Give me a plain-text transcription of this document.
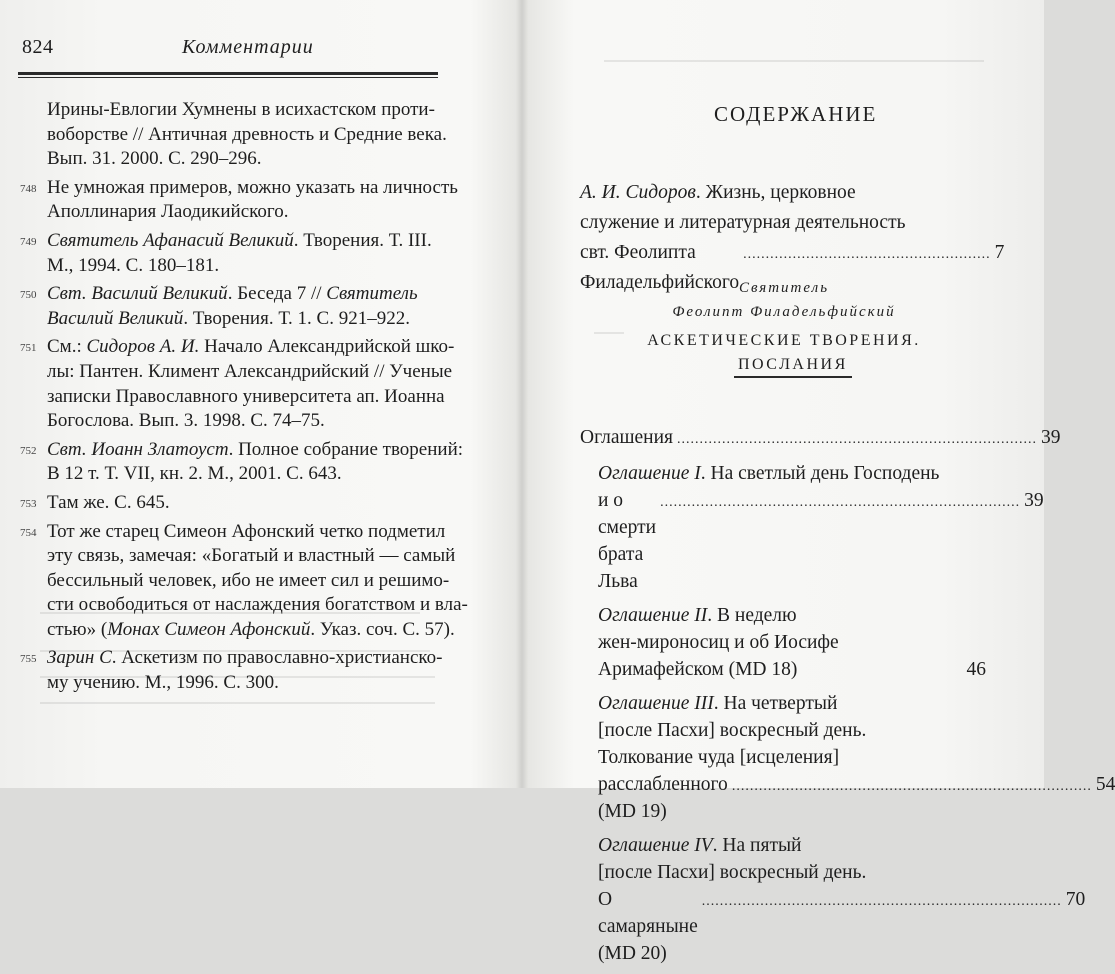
824	Комментарии
Ирины-Евлогии Хумнены в исихастском проти-
воборстве // Античная древность и Средние века.
Вып. 31. 2000. С. 290–296.
748 Не умножая примеров, можно указать на личность
Аполлинария Лаодикийского.
749 Святитель Афанасий Великий. Творения. Т. III.
М., 1994. С. 180–181.
750 Свт. Василий Великий. Беседа 7 // Святитель
Василий Великий. Творения. Т. 1. С. 921–922.
751 См.: Сидоров А. И. Начало Александрийской шко-
лы: Пантен. Климент Александрийский // Ученые
записки Православного университета ап. Иоанна
Богослова. Вып. 3. 1998. С. 74–75.
752 Свт. Иоанн Златоуст. Полное собрание творений:
В 12 т. Т. VII, кн. 2. М., 2001. С. 643.
753 Там же. С. 645.
754 Тот же старец Симеон Афонский четко подметил
эту связь, замечая: «Богатый и властный — самый
бессильный человек, ибо не имеет сил и решимо-
сти освободиться от наслаждения богатством и вла-
стью» (Монах Симеон Афонский. Указ. соч. С. 57).
755 Зарин С. Аскетизм по православно-христианско-
му учению. М., 1996. С. 300.
СОДЕРЖАНИЕ
А. И. Сидоров. Жизнь, церковное
служение и литературная деятельность
свт. Феолипта Филадельфийского
....................................................... 7
Святитель
Феолипт Филадельфийский
АСКЕТИЧЕСКИЕ ТВОРЕНИЯ.
ПОСЛАНИЯ
Оглашения ................................................................................ 39
Оглашение I. На светлый день Господень
и о смерти брата Льва
................................................................................ 39
Оглашение II. В неделю
жен-мироносиц и об Иосифе
Аримафейском (MD 18)	46
Оглашение III. На четвертый
[после Пасхи] воскресный день.
Толкование чуда [исцеления]
расслабленного (MD 19)
................................................................................ 54
Оглашение IV. На пятый
[после Пасхи] воскресный день.
О самаряныне (MD 20)
................................................................................ 70
